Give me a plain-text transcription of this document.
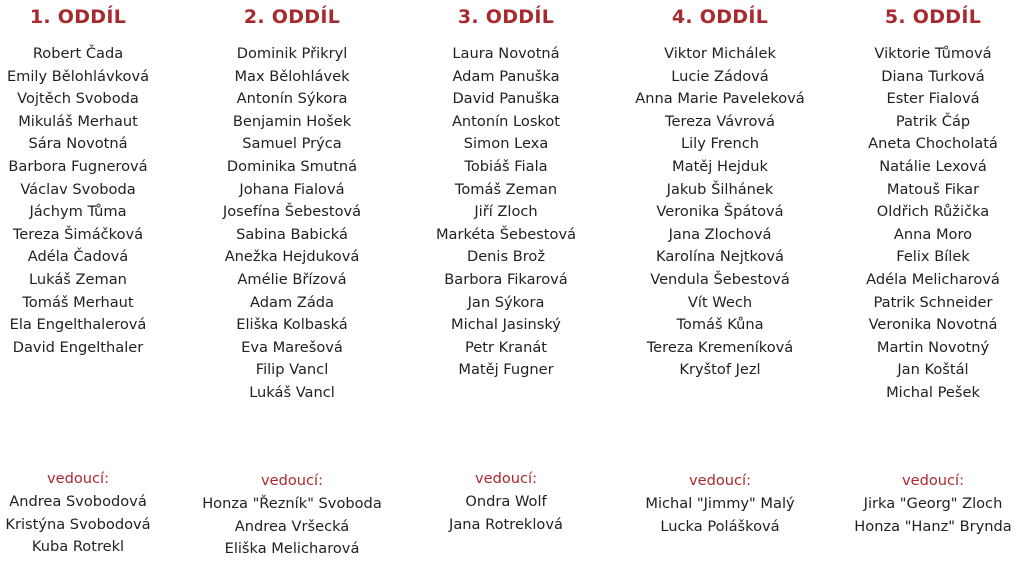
1. ODDÍL
Robert Čada
Emily Bělohlávková
Vojtěch Svoboda
Mikuláš Merhaut
Sára Novotná
Barbora Fugnerová
Václav Svoboda
Jáchym Tůma
Tereza Šimáčková
Adéla Čadová
Lukáš Zeman
Tomáš Merhaut
Ela Engelthalerová
David Engelthaler
vedoucí:
Andrea Svobodová
Kristýna Svobodová
Kuba Rotrekl
2. ODDÍL
Dominik Přikryl
Max Bělohlávek
Antonín Sýkora
Benjamin Hošek
Samuel Prýca
Dominika Smutná
Johana Fialová
Josefína Šebestová
Sabina Babická
Anežka Hejduková
Amélie Břízová
Adam Záda
Eliška Kolbaská
Eva Marešová
Filip Vancl
Lukáš Vancl
vedoucí:
Honza "Řezník" Svoboda
Andrea Vršecká
Eliška Melicharová
3. ODDÍL
Laura Novotná
Adam Panuška
David Panuška
Antonín Loskot
Simon Lexa
Tobiáš Fiala
Tomáš Zeman
Jiří Zloch
Markéta Šebestová
Denis Brož
Barbora Fikarová
Jan Sýkora
Michal Jasinský
Petr Kranát
Matěj Fugner
vedoucí:
Ondra Wolf
Jana Rotreklová
4. ODDÍL
Viktor Michálek
Lucie Zádová
Anna Marie Paveleková
Tereza Vávrová
Lily French
Matěj Hejduk
Jakub Šilhánek
Veronika Špátová
Jana Zlochová
Karolína Nejtková
Vendula Šebestová
Vít Wech
Tomáš Kůna
Tereza Kremeníková
Kryštof Jezl
vedoucí:
Michal "Jimmy" Malý
Lucka Polášková
5. ODDÍL
Viktorie Tůmová
Diana Turková
Ester Fialová
Patrik Čáp
Aneta Chocholatá
Natálie Lexová
Matouš Fikar
Oldřich Růžička
Anna Moro
Felix Bílek
Adéla Melicharová
Patrik Schneider
Veronika Novotná
Martin Novotný
Jan Koštál
Michal Pešek
vedoucí:
Jirka "Georg" Zloch
Honza "Hanz" Brynda
